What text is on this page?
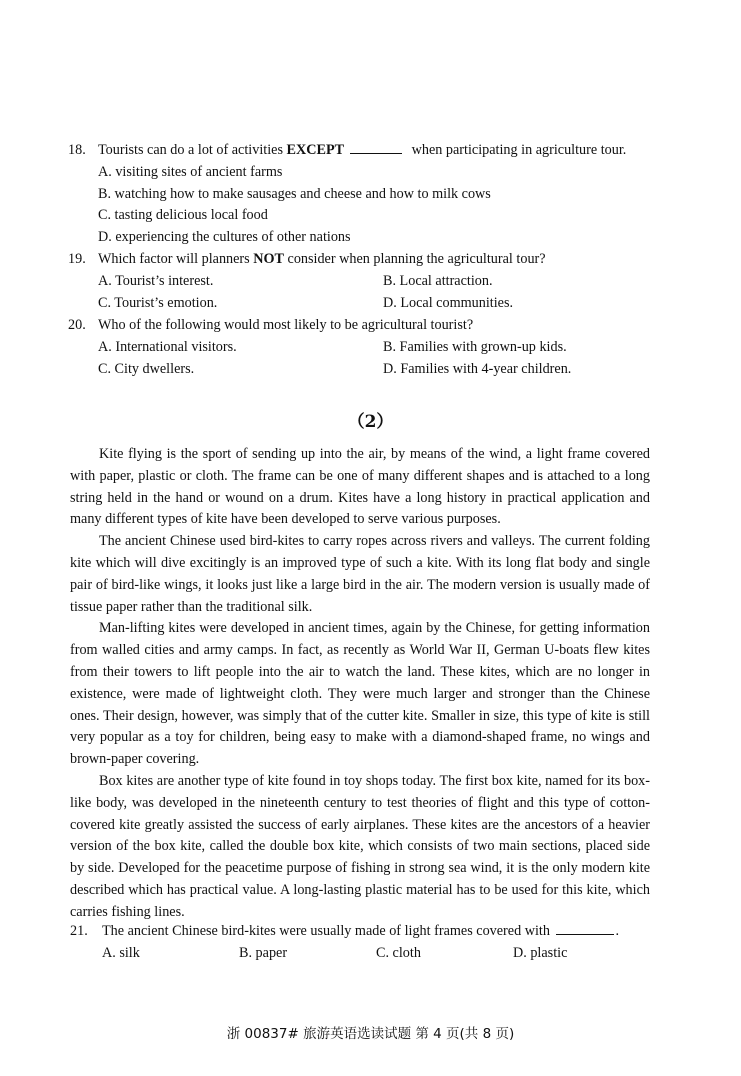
18. Tourists can do a lot of activities EXCEPT	when participating in agriculture tour.
A. visiting sites of ancient farms
B. watching how to make sausages and cheese and how to milk cows
C. tasting delicious local food
D. experiencing the cultures of other nations
19. Which factor will planners NOT consider when planning the agricultural tour?
A. Tourist’s interest.	B. Local attraction.
C. Tourist’s emotion.	D. Local communities.
20. Who of the following would most likely to be agricultural tourist?
A. International visitors.	B. Families with grown-up kids.
C. City dwellers.	D. Families with 4-year children.
（2）

Kite flying is the sport of sending up into the air, by means of the wind, a light frame covered with paper, plastic or cloth. The frame can be one of many different shapes and is attached to a long string held in the hand or wound on a drum. Kites have a long history in practical application and many different types of kite have been developed to serve various purposes.

The ancient Chinese used bird-kites to carry ropes across rivers and valleys. The current folding kite which will dive excitingly is an improved type of such a kite. With its long flat body and single pair of bird-like wings, it looks just like a large bird in the air. The modern version is usually made of tissue paper rather than the traditional silk.

Man-lifting kites were developed in ancient times, again by the Chinese, for getting information from walled cities and army camps. In fact, as recently as World War II, German U-boats flew kites from their towers to lift people into the air to watch the land. These kites, which are no longer in existence, were made of lightweight cloth. They were much larger and stronger than the Chinese ones. Their design, however, was simply that of the cutter kite. Smaller in size, this type of kite is still very popular as a toy for children, being easy to make with a diamond-shaped frame, no wings and brown-paper covering.

Box kites are another type of kite found in toy shops today. The first box kite, named for its box-like body, was developed in the nineteenth century to test theories of flight and this type of cotton-covered kite greatly assisted the success of early airplanes. These kites are the ancestors of a heavier version of the box kite, called the double box kite, which consists of two main sections, placed side by side. Developed for the peacetime purpose of fishing in strong sea wind, it is the only modern kite described which has practical value. A long-lasting plastic material has to be used for this kite, which carries fishing lines.

21. The ancient Chinese bird-kites were usually made of light frames covered with	.
A. silk	B. paper	C. cloth	D. plastic
浙 00837# 旅游英语选读试题 第 4 页(共 8 页)
